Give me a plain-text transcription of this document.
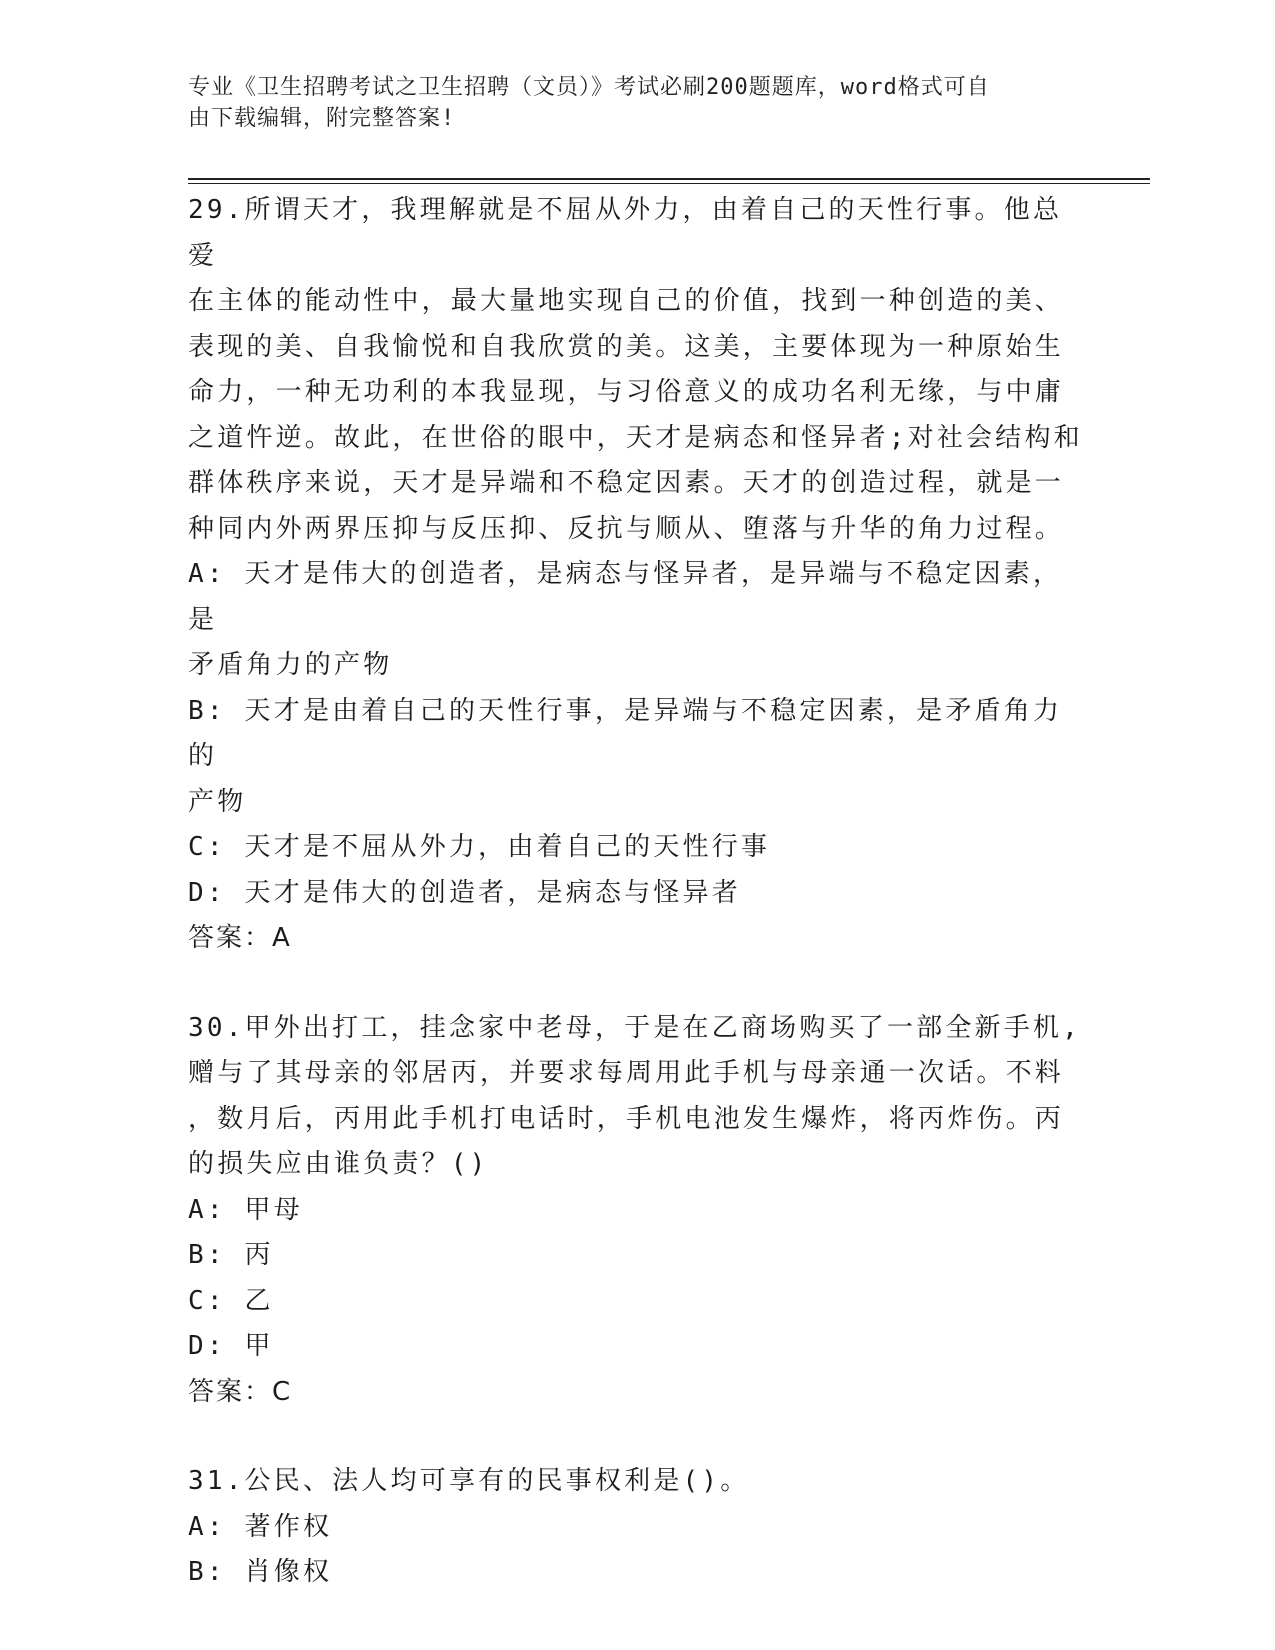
专业《卫生招聘考试之卫生招聘（文员）》考试必刷200题题库，word格式可自
由下载编辑，附完整答案!
29.所谓天才，我理解就是不屈从外力，由着自己的天性行事。他总爱
在主体的能动性中，最大量地实现自己的价值，找到一种创造的美、
表现的美、自我愉悦和自我欣赏的美。这美，主要体现为一种原始生
命力，一种无功利的本我显现，与习俗意义的成功名利无缘，与中庸
之道忤逆。故此，在世俗的眼中，天才是病态和怪异者;对社会结构和
群体秩序来说，天才是异端和不稳定因素。天才的创造过程，就是一
种同内外两界压抑与反压抑、反抗与顺从、堕落与升华的角力过程。
A: 天才是伟大的创造者，是病态与怪异者，是异端与不稳定因素，是
矛盾角力的产物
B: 天才是由着自己的天性行事，是异端与不稳定因素，是矛盾角力的
产物
C: 天才是不屈从外力，由着自己的天性行事
D: 天才是伟大的创造者，是病态与怪异者
答案：A
30.甲外出打工，挂念家中老母，于是在乙商场购买了一部全新手机,
赠与了其母亲的邻居丙，并要求每周用此手机与母亲通一次话。不料
，数月后，丙用此手机打电话时，手机电池发生爆炸，将丙炸伤。丙
的损失应由谁负责？()
A: 甲母
B: 丙
C: 乙
D: 甲
答案：C
31.公民、法人均可享有的民事权利是()。
A: 著作权
B: 肖像权
